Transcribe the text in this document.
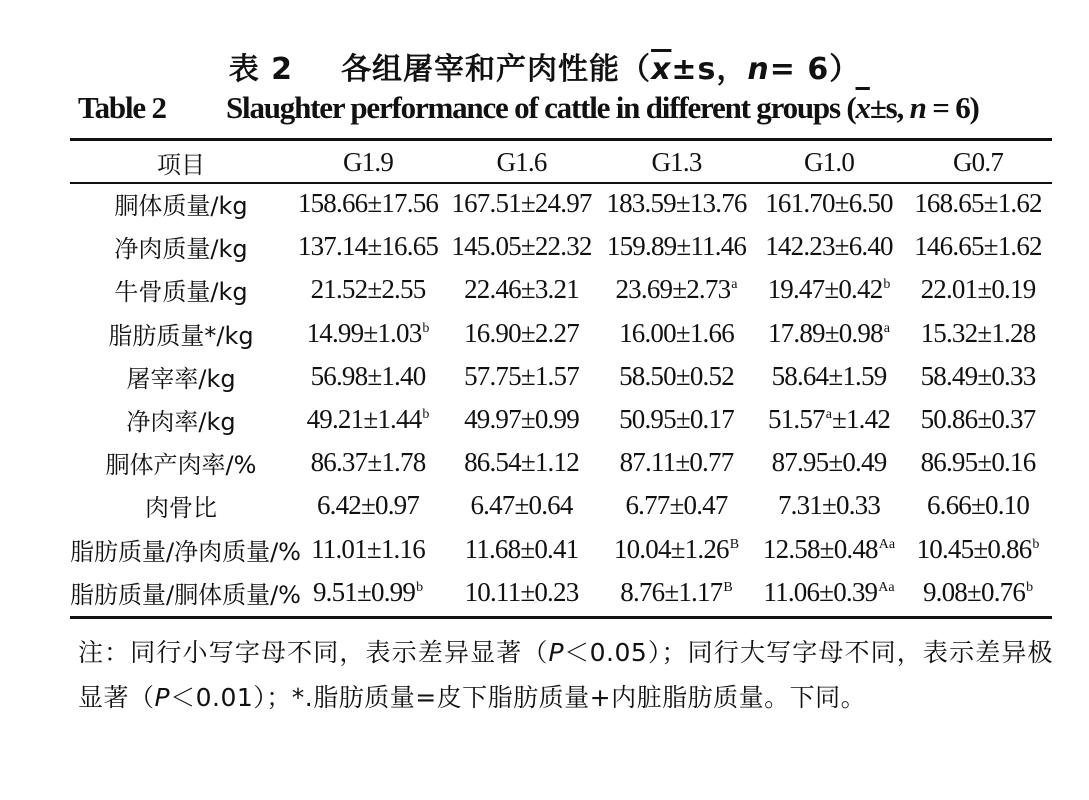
表 2 各组屠宰和产肉性能（$\overline{x}\pm s$，n= 6）
Table 2 Slaughter performance of cattle in different groups ($\overline{x}\pm s$, n = 6)
项目	G1.9	G1.6	G1.3	G1.0	G0.7
胴体质量/kg	158.66±17.56	167.51±24.97	183.59±13.76	161.70±6.50	168.65±1.62
净肉质量/kg	137.14±16.65	145.05±22.32	159.89±11.46	142.23±6.40	146.65±1.62
牛骨质量/kg	21.52±2.55	22.46±3.21	23.69±2.73$^a$	19.47±0.42$^b$	22.01±0.19
脂肪质量*/kg	14.99±1.03$^b$	16.90±2.27	16.00±1.66	17.89±0.98$^a$	15.32±1.28
屠宰率/kg	56.98±1.40	57.75±1.57	58.50±0.52	58.64±1.59	58.49±0.33
净肉率/kg	49.21±1.44$^b$	49.97±0.99	50.95±0.17	51.57$^a$±1.42	50.86±0.37
胴体产肉率/%	86.37±1.78	86.54±1.12	87.11±0.77	87.95±0.49	86.95±0.16
肉骨比	6.42±0.97	6.47±0.64	6.77±0.47	7.31±0.33	6.66±0.10
脂肪质量/净肉质量/%	11.01±1.16	11.68±0.41	$10.04\pm 1.26^B$	$12.58\pm 0.48^{Aa}$	10.45±0.86$^b$
脂肪质量/胴体质量/%	9.51±0.99$^b$	10.11±0.23	$8.76\pm 1.17^B$	$11.06\pm 0.39^{Aa}$	9.08±0.76$^b$
注：同行小写字母不同，表示差异显著（P＜0.05）；同行大写字母不同，表示差异极显著（P＜0.01）；*.脂肪质量=皮下脂肪质量+内脏脂肪质量。下同。
